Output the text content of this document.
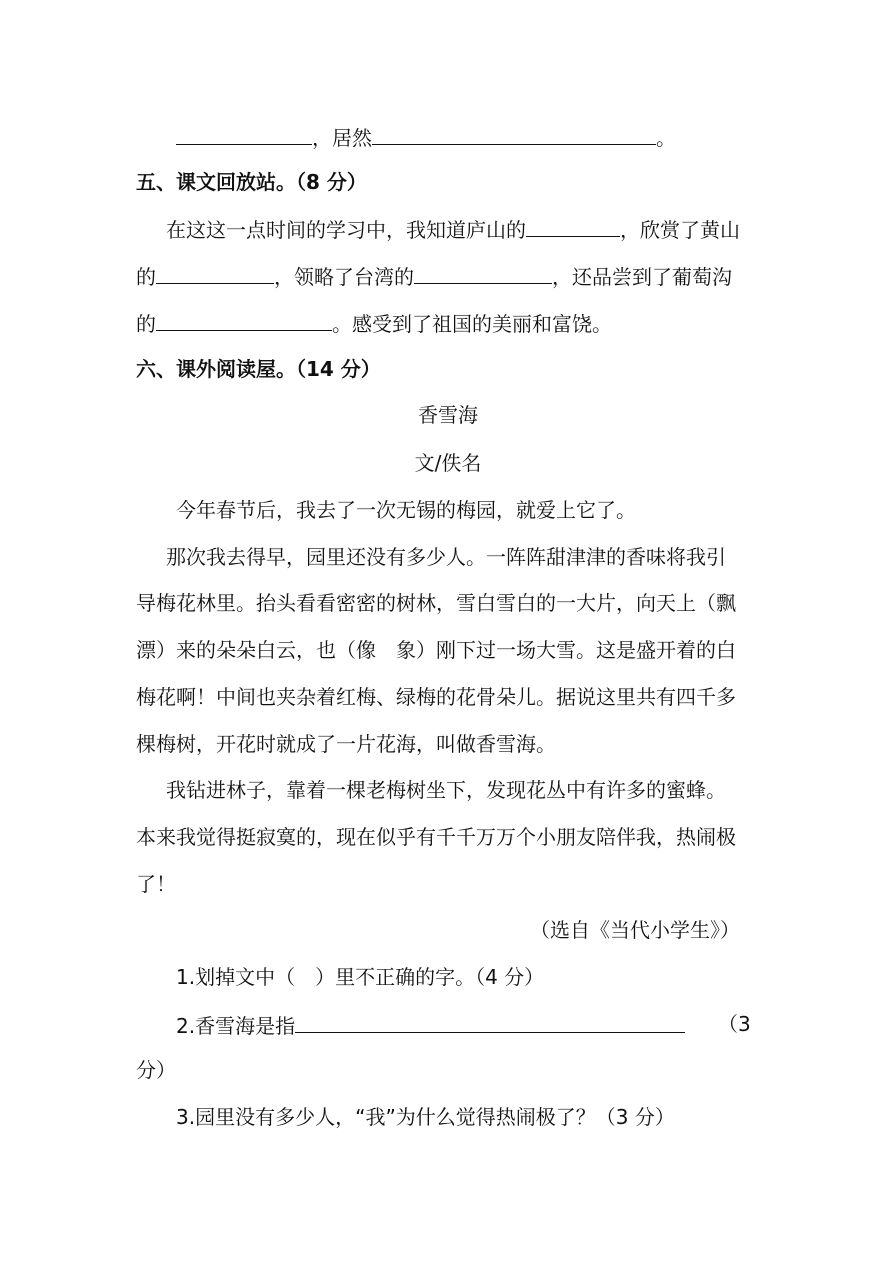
，居然	。
五、课文回放站。（8 分）
在这这一点时间的学习中，我知道庐山的	，欣赏了黄山
的	，领略了台湾的	，还品尝到了葡萄沟
的	。感受到了祖国的美丽和富饶。
六、课外阅读屋。（14 分）
香雪海
文/佚名
今年春节后，我去了一次无锡的梅园，就爱上它了。
那次我去得早，园里还没有多少人。一阵阵甜津津的香味将我引
导梅花林里。抬头看看密密的树林，雪白雪白的一大片，向天上（飘
漂）来的朵朵白云，也（像　象）刚下过一场大雪。这是盛开着的白
梅花啊！中间也夹杂着红梅、绿梅的花骨朵儿。据说这里共有四千多
棵梅树，开花时就成了一片花海，叫做香雪海。
我钻进林子，靠着一棵老梅树坐下，发现花丛中有许多的蜜蜂。
本来我觉得挺寂寞的，现在似乎有千千万万个小朋友陪伴我，热闹极
了！
（选自《当代小学生》）
1.划掉文中（　）里不正确的字。（4 分）
2.香雪海是指	（3
分）
3.园里没有多少人，“我”为什么觉得热闹极了？（3 分）
